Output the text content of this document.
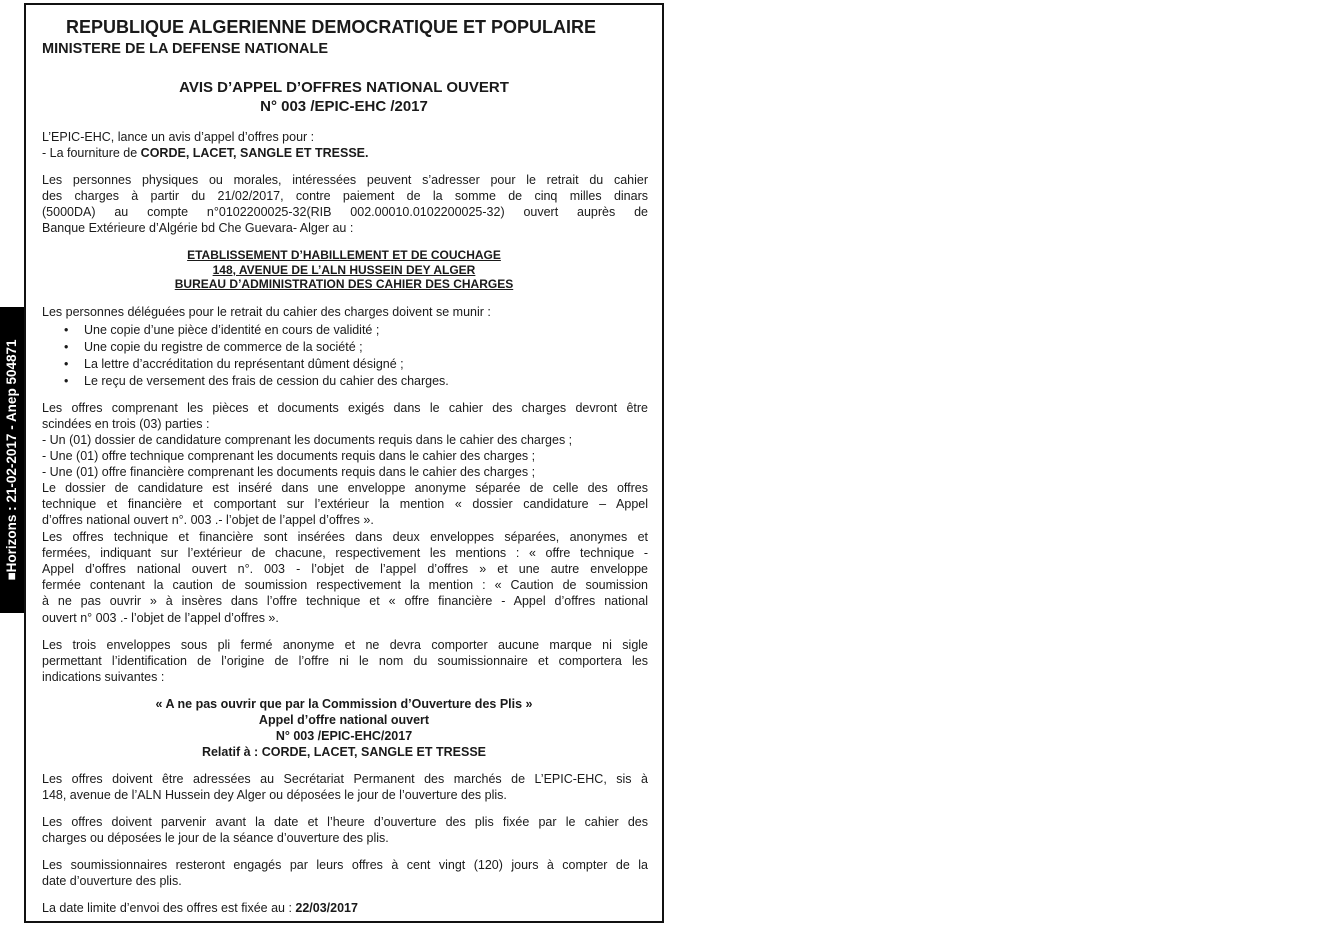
■Horizons : 21-02-2017 - Anep 504871
REPUBLIQUE ALGERIENNE DEMOCRATIQUE ET POPULAIRE
MINISTERE DE LA DEFENSE NATIONALE
AVIS D’APPEL D’OFFRES NATIONAL OUVERT
N° 003 /EPIC-EHC /2017
L’EPIC-EHC, lance un avis d’appel d’offres pour :
- La fourniture de CORDE, LACET, SANGLE ET TRESSE.
Les personnes physiques ou morales, intéressées peuvent s’adresser pour le retrait du cahier
des charges à partir du 21/02/2017, contre paiement de la somme de cinq milles dinars
(5000DA) au compte n°0102200025-32(RIB 002.00010.0102200025-32) ouvert auprès de
Banque Extérieure d’Algérie bd Che Guevara- Alger au :
ETABLISSEMENT D’HABILLEMENT ET DE COUCHAGE
148, AVENUE DE L’ALN HUSSEIN DEY ALGER
BUREAU D’ADMINISTRATION DES CAHIER DES CHARGES
Les personnes déléguées pour le retrait du cahier des charges doivent se munir :
• Une copie d’une pièce d’identité en cours de validité ;
• Une copie du registre de commerce de la société ;
• La lettre d’accréditation du représentant dûment désigné ;
• Le reçu de versement des frais de cession du cahier des charges.
Les offres comprenant les pièces et documents exigés dans le cahier des charges devront être
scindées en trois (03) parties :
- Un (01) dossier de candidature comprenant les documents requis dans le cahier des charges ;
- Une (01) offre technique comprenant les documents requis dans le cahier des charges ;
- Une (01) offre financière comprenant les documents requis dans le cahier des charges ;
Le dossier de candidature est inséré dans une enveloppe anonyme séparée de celle des offres
technique et financière et comportant sur l’extérieur la mention « dossier candidature – Appel
d’offres national ouvert n°. 003 .- l’objet de l’appel d’offres ».
Les offres technique et financière sont insérées dans deux enveloppes séparées, anonymes et
fermées, indiquant sur l’extérieur de chacune, respectivement les mentions : « offre technique -
Appel d’offres national ouvert n°. 003 - l’objet de l’appel d’offres » et une autre enveloppe
fermée contenant la caution de soumission respectivement la mention : « Caution de soumission
à ne pas ouvrir » à insères dans l’offre technique et « offre financière - Appel d’offres national
ouvert n° 003 .- l’objet de l’appel d’offres ».
Les trois enveloppes sous pli fermé anonyme et ne devra comporter aucune marque ni sigle
permettant l’identification de l’origine de l’offre ni le nom du soumissionnaire et comportera les
indications suivantes :
« A ne pas ouvrir que par la Commission d’Ouverture des Plis »
Appel d’offre national ouvert
N° 003 /EPIC-EHC/2017
Relatif à : CORDE, LACET, SANGLE ET TRESSE
Les offres doivent être adressées au Secrétariat Permanent des marchés de L’EPIC-EHC, sis à
148, avenue de l’ALN Hussein dey Alger ou déposées le jour de l’ouverture des plis.
Les offres doivent parvenir avant la date et l’heure d’ouverture des plis fixée par le cahier des
charges ou déposées le jour de la séance d’ouverture des plis.
Les soumissionnaires resteront engagés par leurs offres à cent vingt (120) jours à compter de la
date d’ouverture des plis.
La date limite d’envoi des offres est fixée au : 22/03/2017
